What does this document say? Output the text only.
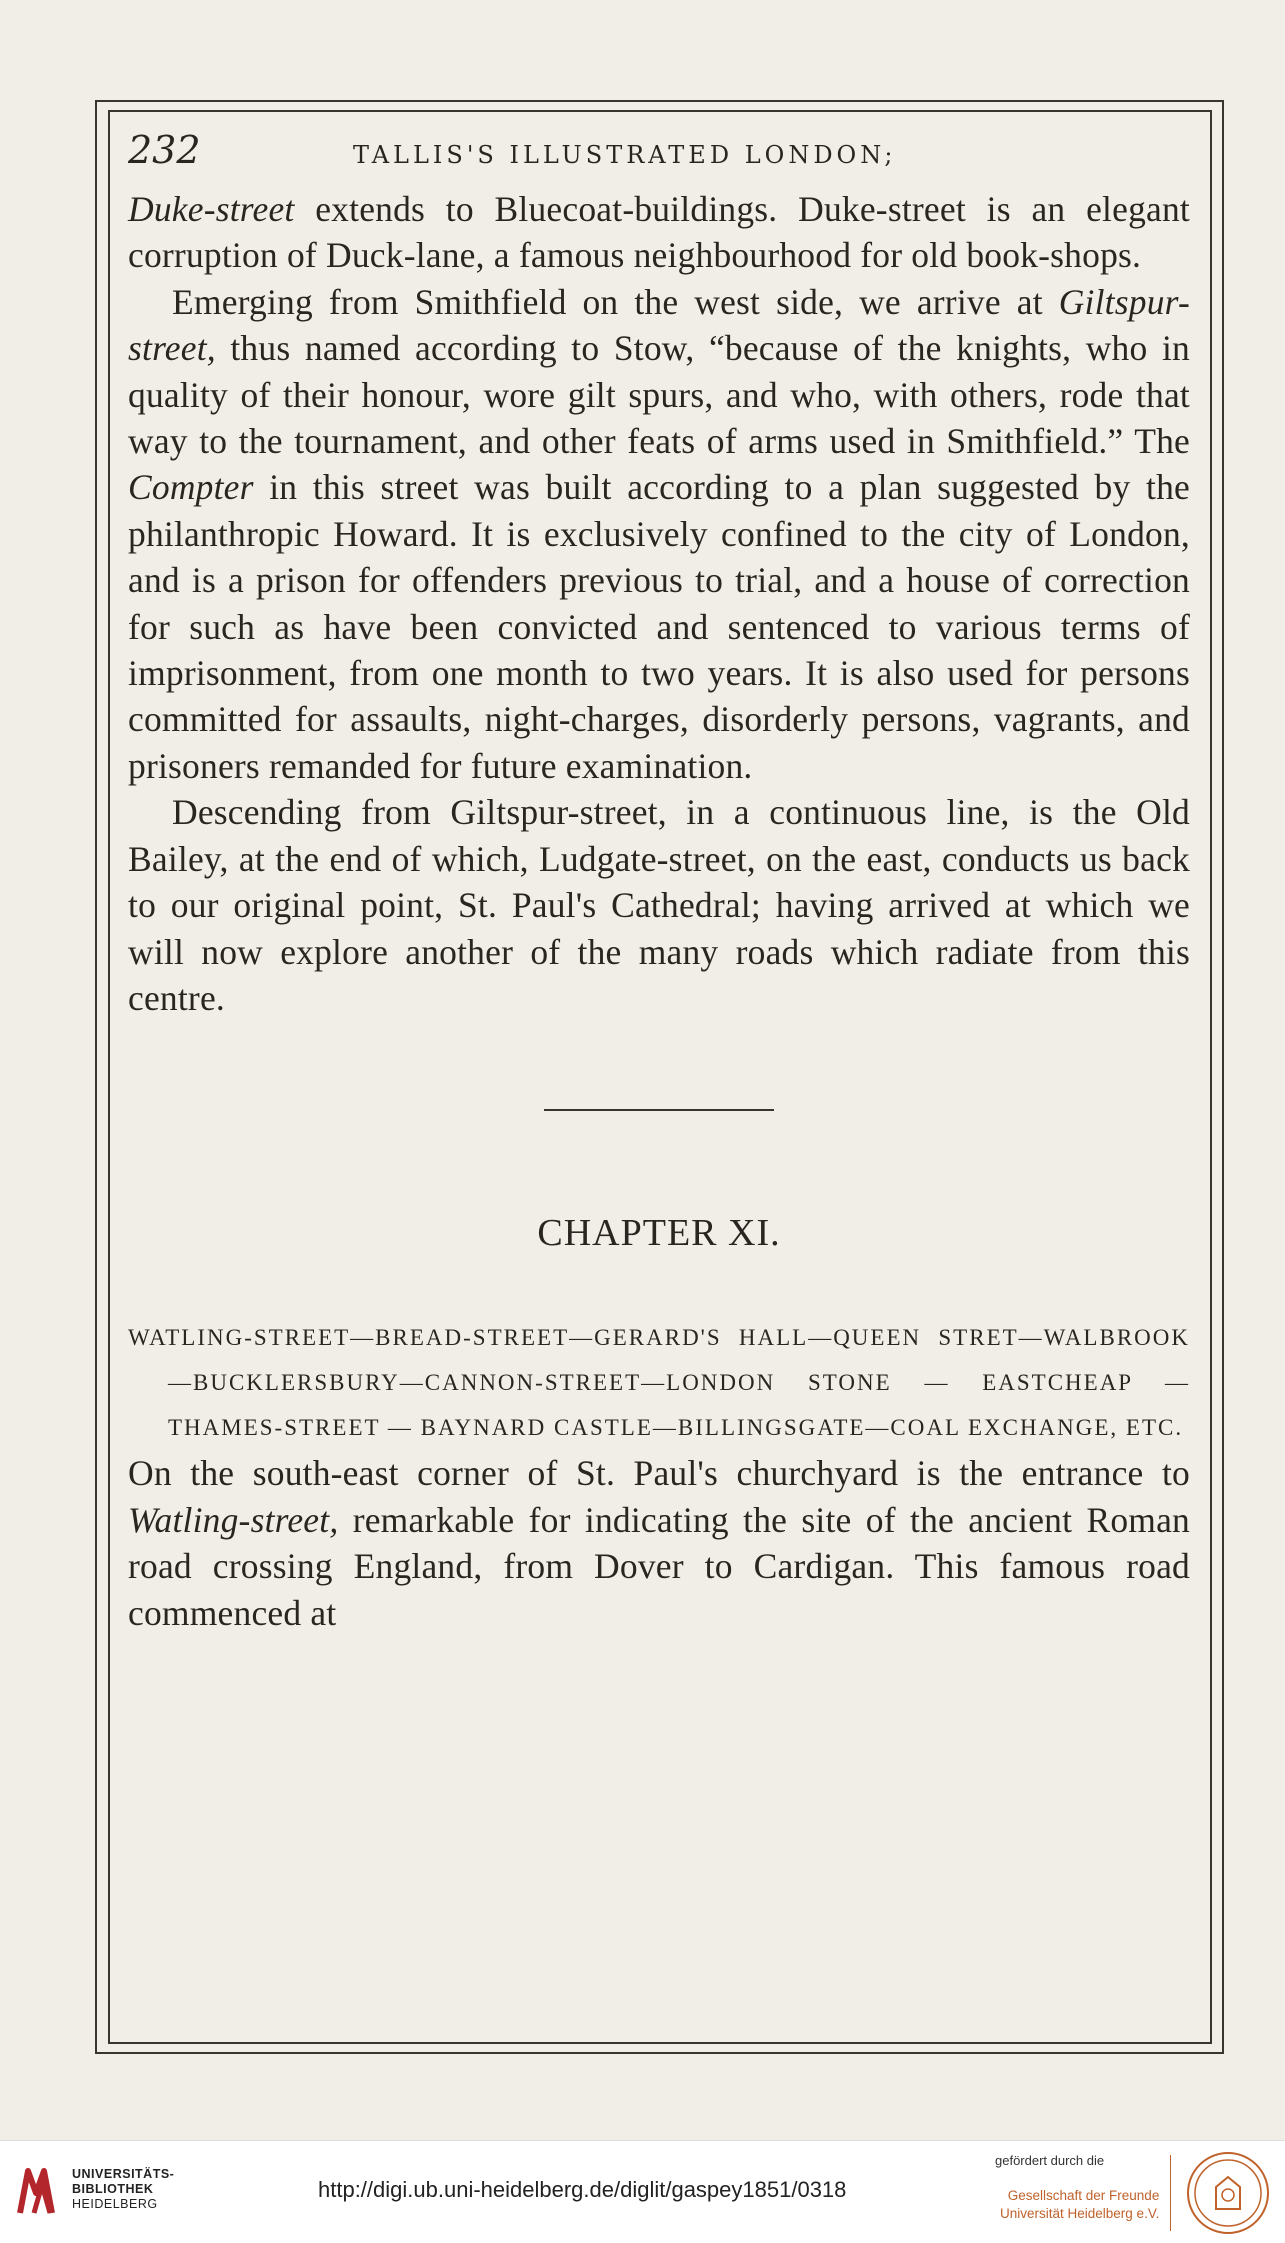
232	TALLIS'S ILLUSTRATED LONDON;

Duke-street extends to Bluecoat-buildings. Duke-street is an elegant corruption of Duck-lane, a famous neighbourhood for old book-shops.

Emerging from Smithfield on the west side, we arrive at Giltspur-street, thus named according to Stow, “because of the knights, who in quality of their honour, wore gilt spurs, and who, with others, rode that way to the tournament, and other feats of arms used in Smithfield.” The Compter in this street was built according to a plan suggested by the philanthropic Howard. It is exclusively confined to the city of London, and is a prison for offenders previous to trial, and a house of correction for such as have been convicted and sentenced to various terms of imprisonment, from one month to two years. It is also used for persons committed for assaults, night-charges, disorderly persons, vagrants, and prisoners remanded for future examination.

Descending from Giltspur-street, in a continuous line, is the Old Bailey, at the end of which, Ludgate-street, on the east, conducts us back to our original point, St. Paul's Cathedral; having arrived at which we will now explore another of the many roads which radiate from this centre.

CHAPTER XI.
WATLING-STREET—BREAD-STREET—GERARD'S HALL—QUEEN STRET—WALBROOK—BUCKLERSBURY—CANNON-STREET—LONDON STONE — EASTCHEAP — THAMES-STREET — BAYNARD CASTLE—BILLINGSGATE—COAL EXCHANGE, ETC.

On the south-east corner of St. Paul's churchyard is the entrance to Watling-street, remarkable for indicating the site of the ancient Roman road crossing England, from Dover to Cardigan. This famous road commenced at

UNIVERSITÄTS-
BIBLIOTHEK
HEIDELBERG
http://digi.ub.uni-heidelberg.de/diglit/gaspey1851/0318
gefördert durch die
Gesellschaft der Freunde
Universität Heidelberg e.V.
